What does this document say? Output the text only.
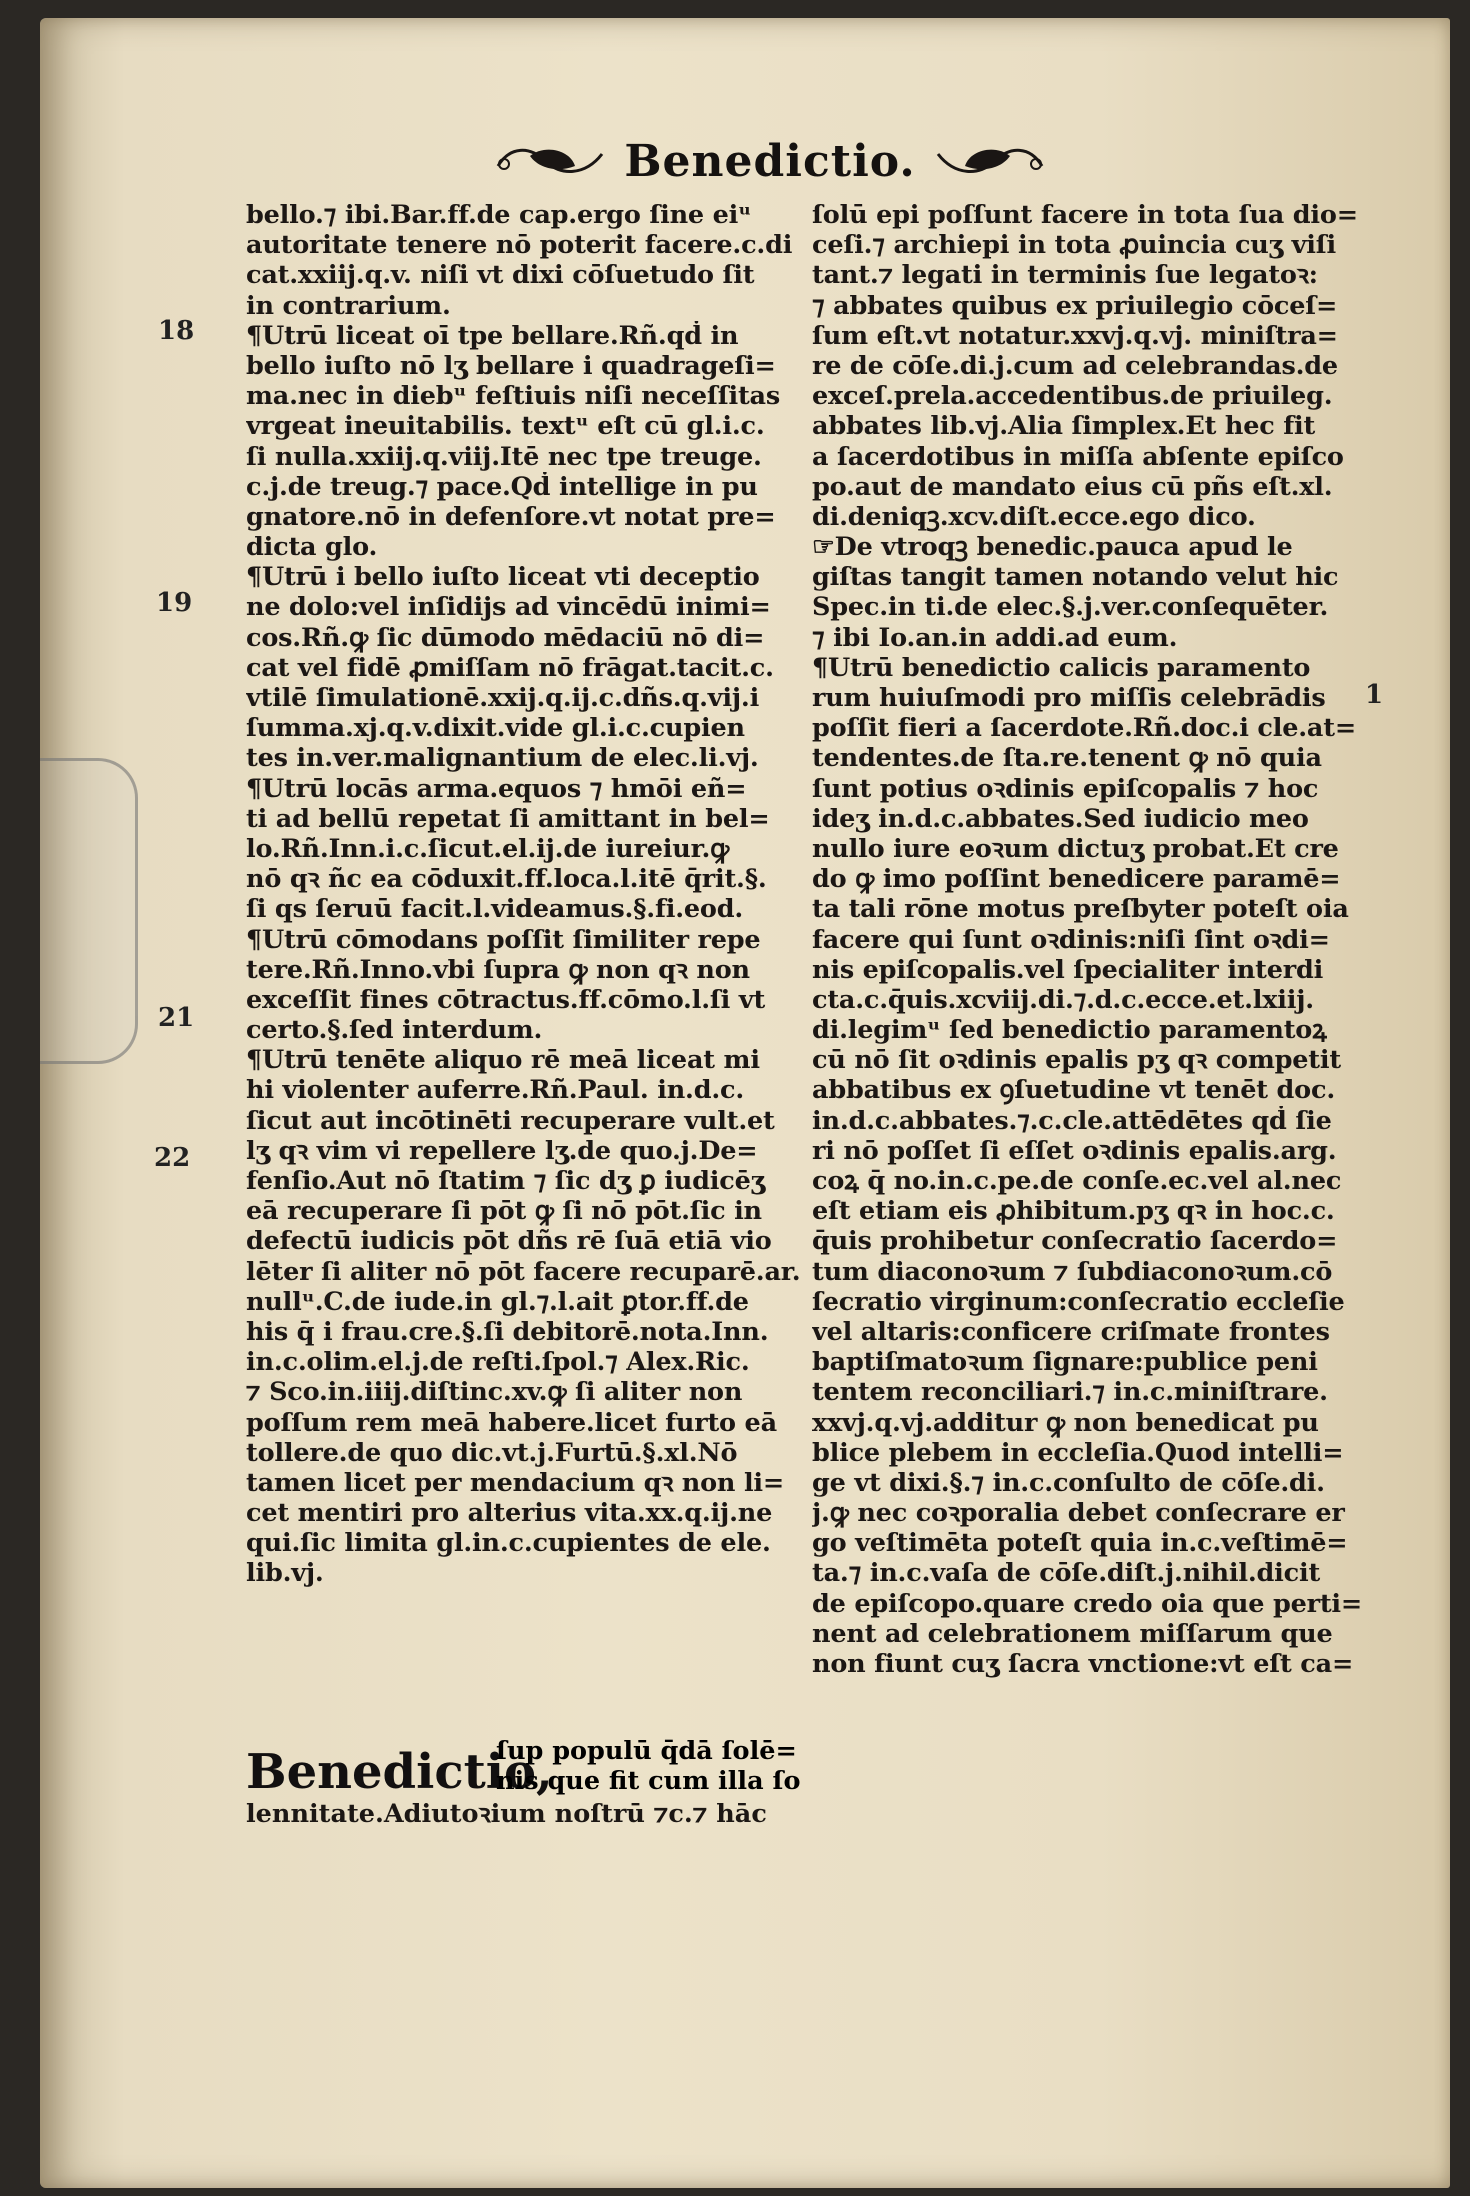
Benedictio.
bello.⁊ ibi.Bar.ff.de cap.ergo ſine eiᵘ
autoritate tenere nō poterit facere.c.di
cat.xxiij.q.v. niſi vt dixi cōſuetudo ſit
in contrarium.
¶Utrū liceat oī tpe bellare.Rñ.qḋ in
bello iuſto nō lʒ bellare i quadrageſi=
ma.nec in diebᵘ feſtiuis niſi neceſſitas
vrgeat ineuitabilis. textᵘ eſt cū gl.i.c.
ſi nulla.xxiij.q.viij.Itē nec tpe treuge.
c.j.de treug.⁊ pace.Qḋ intellige in pu
gnatore.nō in defenſore.vt notat pre=
dicta glo.
¶Utrū i bello iuſto liceat vti deceptio
ne dolo:vel inſidijs ad vincēdū inimi=
cos.Rñ.ꝙ ſic dūmodo mēdaciū nō di=
cat vel fidē ꝓmiſſam nō frāgat.tacit.c.
vtilē ſimulationē.xxij.q.ij.c.dñs.q.vij.i
ſumma.xj.q.v.dixit.vide gl.i.c.cupien
tes in.ver.malignantium de elec.li.vj.
¶Utrū locās arma.equos ⁊ hmōi eñ=
ti ad bellū repetat ſi amittant in bel=
lo.Rñ.Inn.i.c.ſicut.el.ij.de iureiur.ꝙ
nō qꝛ ñc ea cōduxit.ff.loca.l.itē q̄rit.§.
ſi qs ſeruū facit.l.videamus.§.fi.eod.
¶Utrū cōmodans poſſit ſimiliter repe
tere.Rñ.Inno.vbi ſupra ꝙ non qꝛ non
exceſſit fines cōtractus.ff.cōmo.l.ſi vt
certo.§.ſed interdum.
¶Utrū tenēte aliquo rē meā liceat mi
hi violenter auferre.Rñ.Paul. in.d.c.
ſicut aut incōtinēti recuperare vult.et
lʒ qꝛ vim vi repellere lʒ.de quo.j.De=
fenſio.Aut nō ſtatim ⁊ ſic dʒ ꝑ iudicēʒ
eā recuperare ſi pōt ꝙ ſi nō pōt.ſic in
defectū iudicis pōt dñs rē ſuā etiā vio
lēter ſi aliter nō pōt facere recuparē.ar.
nullᵘ.C.de iude.in gl.⁊.l.ait ꝑtor.ff.de
his q̄ i frau.cre.§.ſi debitorē.nota.Inn.
in.c.olim.el.j.de reſti.ſpol.⁊ Alex.Ric.
⁊ Sco.in.iiij.diſtinc.xv.ꝙ ſi aliter non
poſſum rem meā habere.licet furto eā
tollere.de quo dic.vt.j.Furtū.§.xl.Nō
tamen licet per mendacium qꝛ non li=
cet mentiri pro alterius vita.xx.q.ij.ne
qui.ſic limita gl.in.c.cupientes de ele.
lib.vj.
ſolū epi poſſunt facere in tota ſua dio=
ceſi.⁊ archiepi in tota ꝓuincia cuʒ viſi
tant.⁊ legati in terminis ſue legatoꝛ:
⁊ abbates quibus ex priuilegio cōceſ=
ſum eſt.vt notatur.xxvj.q.vj. miniſtra=
re de cōſe.di.j.cum ad celebrandas.de
exceſ.prela.accedentibus.de priuileg.
abbates lib.vj.Alia ſimplex.Et hec fit
a ſacerdotibus in miſſa abſente epiſco
po.aut de mandato eius cū pñs eſt.xl.
di.deniqꝫ.xcv.diſt.ecce.ego dico.
☞De vtroqꝫ benedic.pauca apud le
giſtas tangit tamen notando velut hic
Spec.in ti.de elec.§.j.ver.conſequēter.
⁊ ibi Io.an.in addi.ad eum.
¶Utrū benedictio calicis paramento
rum huiuſmodi pro miſſis celebrādis
poſſit fieri a ſacerdote.Rñ.doc.i cle.at=
tendentes.de ſta.re.tenent ꝙ nō quia
ſunt potius oꝛdinis epiſcopalis ⁊ hoc
ideʒ in.d.c.abbates.Sed iudicio meo
nullo iure eoꝛum dictuʒ probat.Et cre
do ꝙ imo poſſint benedicere paramē=
ta tali rōne motus preſbyter poteſt oia
facere qui ſunt oꝛdinis:niſi ſint oꝛdi=
nis epiſcopalis.vel ſpecialiter interdi
cta.c.q̄uis.xcviij.di.⁊.d.c.ecce.et.lxiij.
di.legimᵘ ſed benedictio paramentoꝝ
cū nō ſit oꝛdinis epalis pʒ qꝛ competit
abbatibus ex ꝯſuetudine vt tenēt doc.
in.d.c.abbates.⁊.c.cle.attēdētes qḋ ſie
ri nō poſſet ſi eſſet oꝛdinis epalis.arg.
coꝝ q̄ no.in.c.pe.de conſe.ec.vel al.nec
eſt etiam eis ꝓhibitum.pʒ qꝛ in hoc.c.
q̄uis prohibetur conſecratio ſacerdo=
tum diaconoꝛum ⁊ ſubdiaconoꝛum.cō
ſecratio virginum:conſecratio eccleſie
vel altaris:conficere criſmate frontes
baptiſmatoꝛum ſignare:publice peni
tentem reconciliari.⁊ in.c.miniſtrare.
xxvj.q.vj.additur ꝙ non benedicat pu
blice plebem in eccleſia.Quod intelli=
ge vt dixi.§.⁊ in.c.conſulto de cōſe.di.
j.ꝙ nec coꝛporalia debet conſecrare er
go veſtimēta poteſt quia in.c.veſtimē=
ta.⁊ in.c.vaſa de cōſe.diſt.j.nihil.dicit
de epiſcopo.quare credo oia que perti=
nent ad celebrationem miſſarum que
non fiunt cuʒ ſacra vnctione:vt eſt ca=
18
19
21
22
1
Benedictio,
ſup populū q̄dā ſolē=
nis que fit cum illa ſo
lennitate.Adiutoꝛium noſtrū ⁊c.⁊ hāc
